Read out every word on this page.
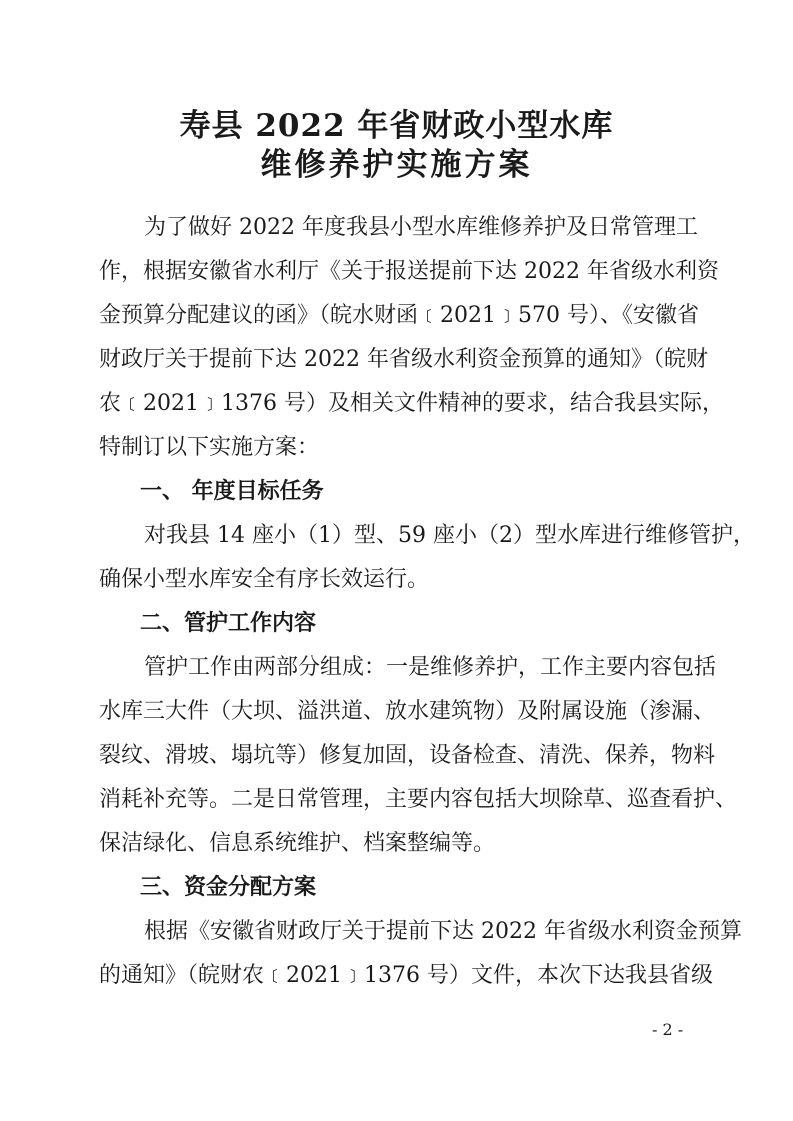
寿县 2022 年省财政小型水库
维修养护实施方案
为了做好 2022 年度我县小型水库维修养护及日常管理工
作，根据安徽省水利厅《关于报送提前下达 2022 年省级水利资
金预算分配建议的函》（皖水财函﹝2021﹞570 号）、《安徽省
财政厅关于提前下达 2022 年省级水利资金预算的通知》（皖财
农﹝2021﹞1376 号）及相关文件精神的要求，结合我县实际，
特制订以下实施方案：
一、 年度目标任务
对我县 14 座小（1）型、59 座小（2）型水库进行维修管护，
确保小型水库安全有序长效运行。
二、管护工作内容
管护工作由两部分组成：一是维修养护，工作主要内容包括
水库三大件（大坝、溢洪道、放水建筑物）及附属设施（渗漏、
裂纹、滑坡、塌坑等）修复加固，设备检查、清洗、保养，物料
消耗补充等。二是日常管理，主要内容包括大坝除草、巡查看护、
保洁绿化、信息系统维护、档案整编等。
三、资金分配方案
根据《安徽省财政厅关于提前下达 2022 年省级水利资金预算
的通知》（皖财农﹝2021﹞1376 号）文件，本次下达我县省级
- 2 -
